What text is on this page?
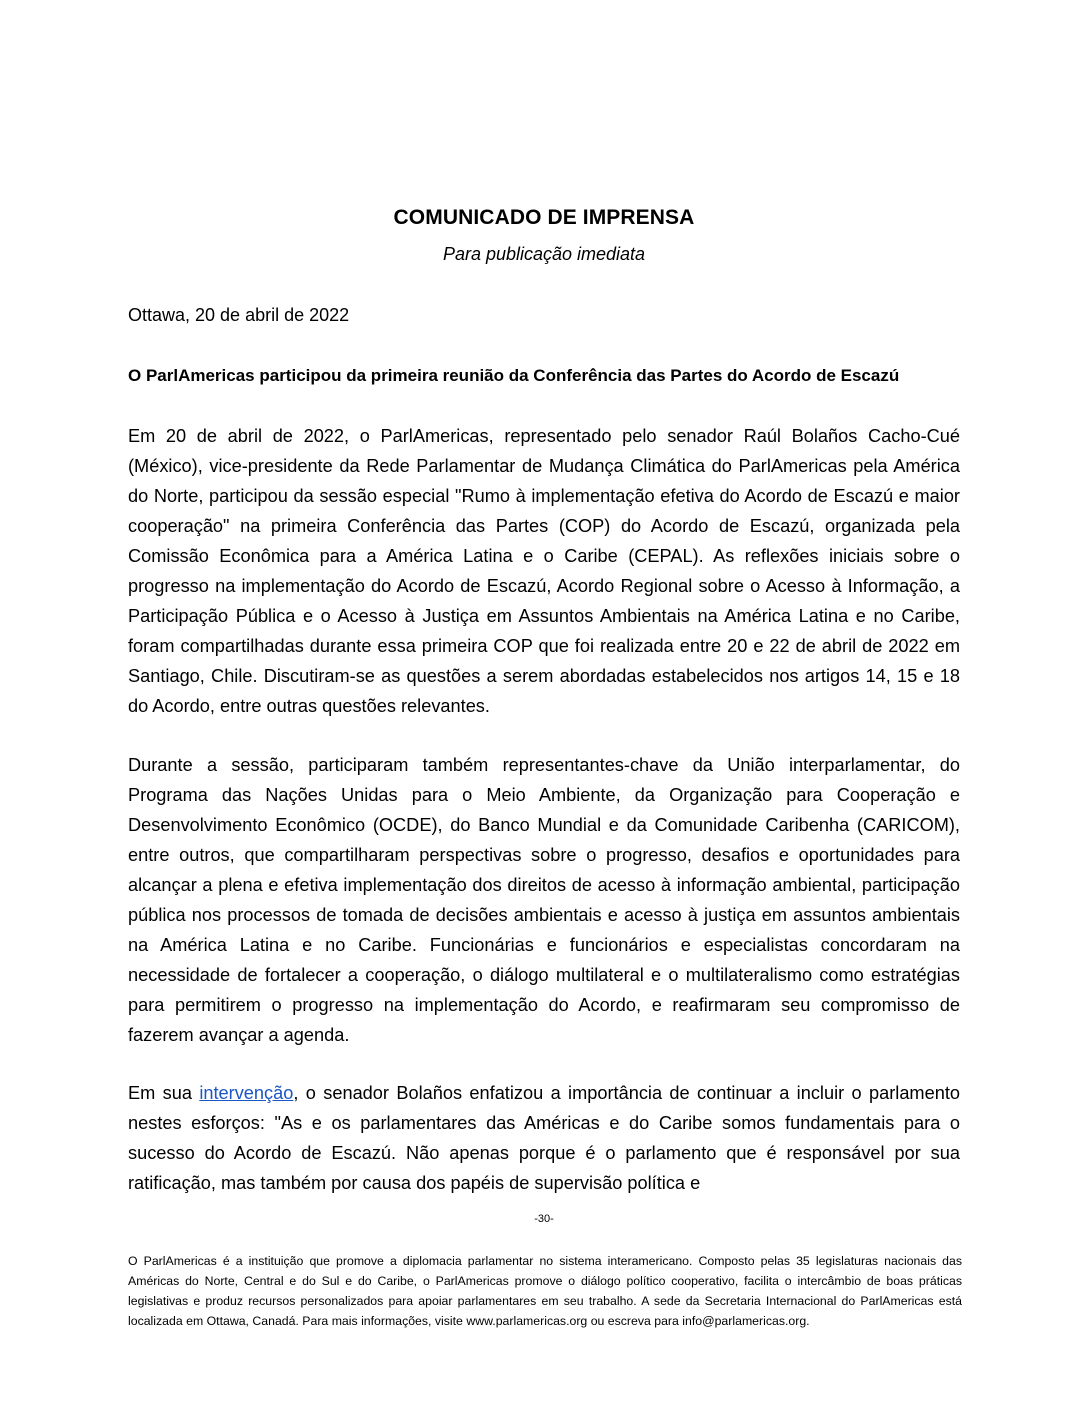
COMUNICADO DE IMPRENSA
Para publicação imediata
Ottawa, 20 de abril de 2022
O ParlAmericas participou da primeira reunião da Conferência das Partes do Acordo de Escazú

Em 20 de abril de 2022, o ParlAmericas, representado pelo senador Raúl Bolaños Cacho-Cué (México), vice-presidente da Rede Parlamentar de Mudança Climática do ParlAmericas pela América do Norte, participou da sessão especial "Rumo à implementação efetiva do Acordo de Escazú e maior cooperação" na primeira Conferência das Partes (COP) do Acordo de Escazú, organizada pela Comissão Econômica para a América Latina e o Caribe (CEPAL). As reflexões iniciais sobre o progresso na implementação do Acordo de Escazú, Acordo Regional sobre o Acesso à Informação, a Participação Pública e o Acesso à Justiça em Assuntos Ambientais na América Latina e no Caribe, foram compartilhadas durante essa primeira COP que foi realizada entre 20 e 22 de abril de 2022 em Santiago, Chile. Discutiram-se as questões a serem abordadas estabelecidos nos artigos 14, 15 e 18 do Acordo, entre outras questões relevantes.

Durante a sessão, participaram também representantes-chave da União interparlamentar, do Programa das Nações Unidas para o Meio Ambiente, da Organização para Cooperação e Desenvolvimento Econômico (OCDE), do Banco Mundial e da Comunidade Caribenha (CARICOM), entre outros, que compartilharam perspectivas sobre o progresso, desafios e oportunidades para alcançar a plena e efetiva implementação dos direitos de acesso à informação ambiental, participação pública nos processos de tomada de decisões ambientais e acesso à justiça em assuntos ambientais na América Latina e no Caribe. Funcionárias e funcionários e especialistas concordaram na necessidade de fortalecer a cooperação, o diálogo multilateral e o multilateralismo como estratégias para permitirem o progresso na implementação do Acordo, e reafirmaram seu compromisso de fazerem avançar a agenda.

Em sua intervenção, o senador Bolaños enfatizou a importância de continuar a incluir o parlamento nestes esforços: "As e os parlamentares das Américas e do Caribe somos fundamentais para o sucesso do Acordo de Escazú. Não apenas porque é o parlamento que é responsável por sua ratificação, mas também por causa dos papéis de supervisão política e

-30-
O ParlAmericas é a instituição que promove a diplomacia parlamentar no sistema interamericano. Composto pelas 35 legislaturas nacionais das Américas do Norte, Central e do Sul e do Caribe, o ParlAmericas promove o diálogo político cooperativo, facilita o intercâmbio de boas práticas legislativas e produz recursos personalizados para apoiar parlamentares em seu trabalho. A sede da Secretaria Internacional do ParlAmericas está localizada em Ottawa, Canadá. Para mais informações, visite www.parlamericas.org ou escreva para info@parlamericas.org.
